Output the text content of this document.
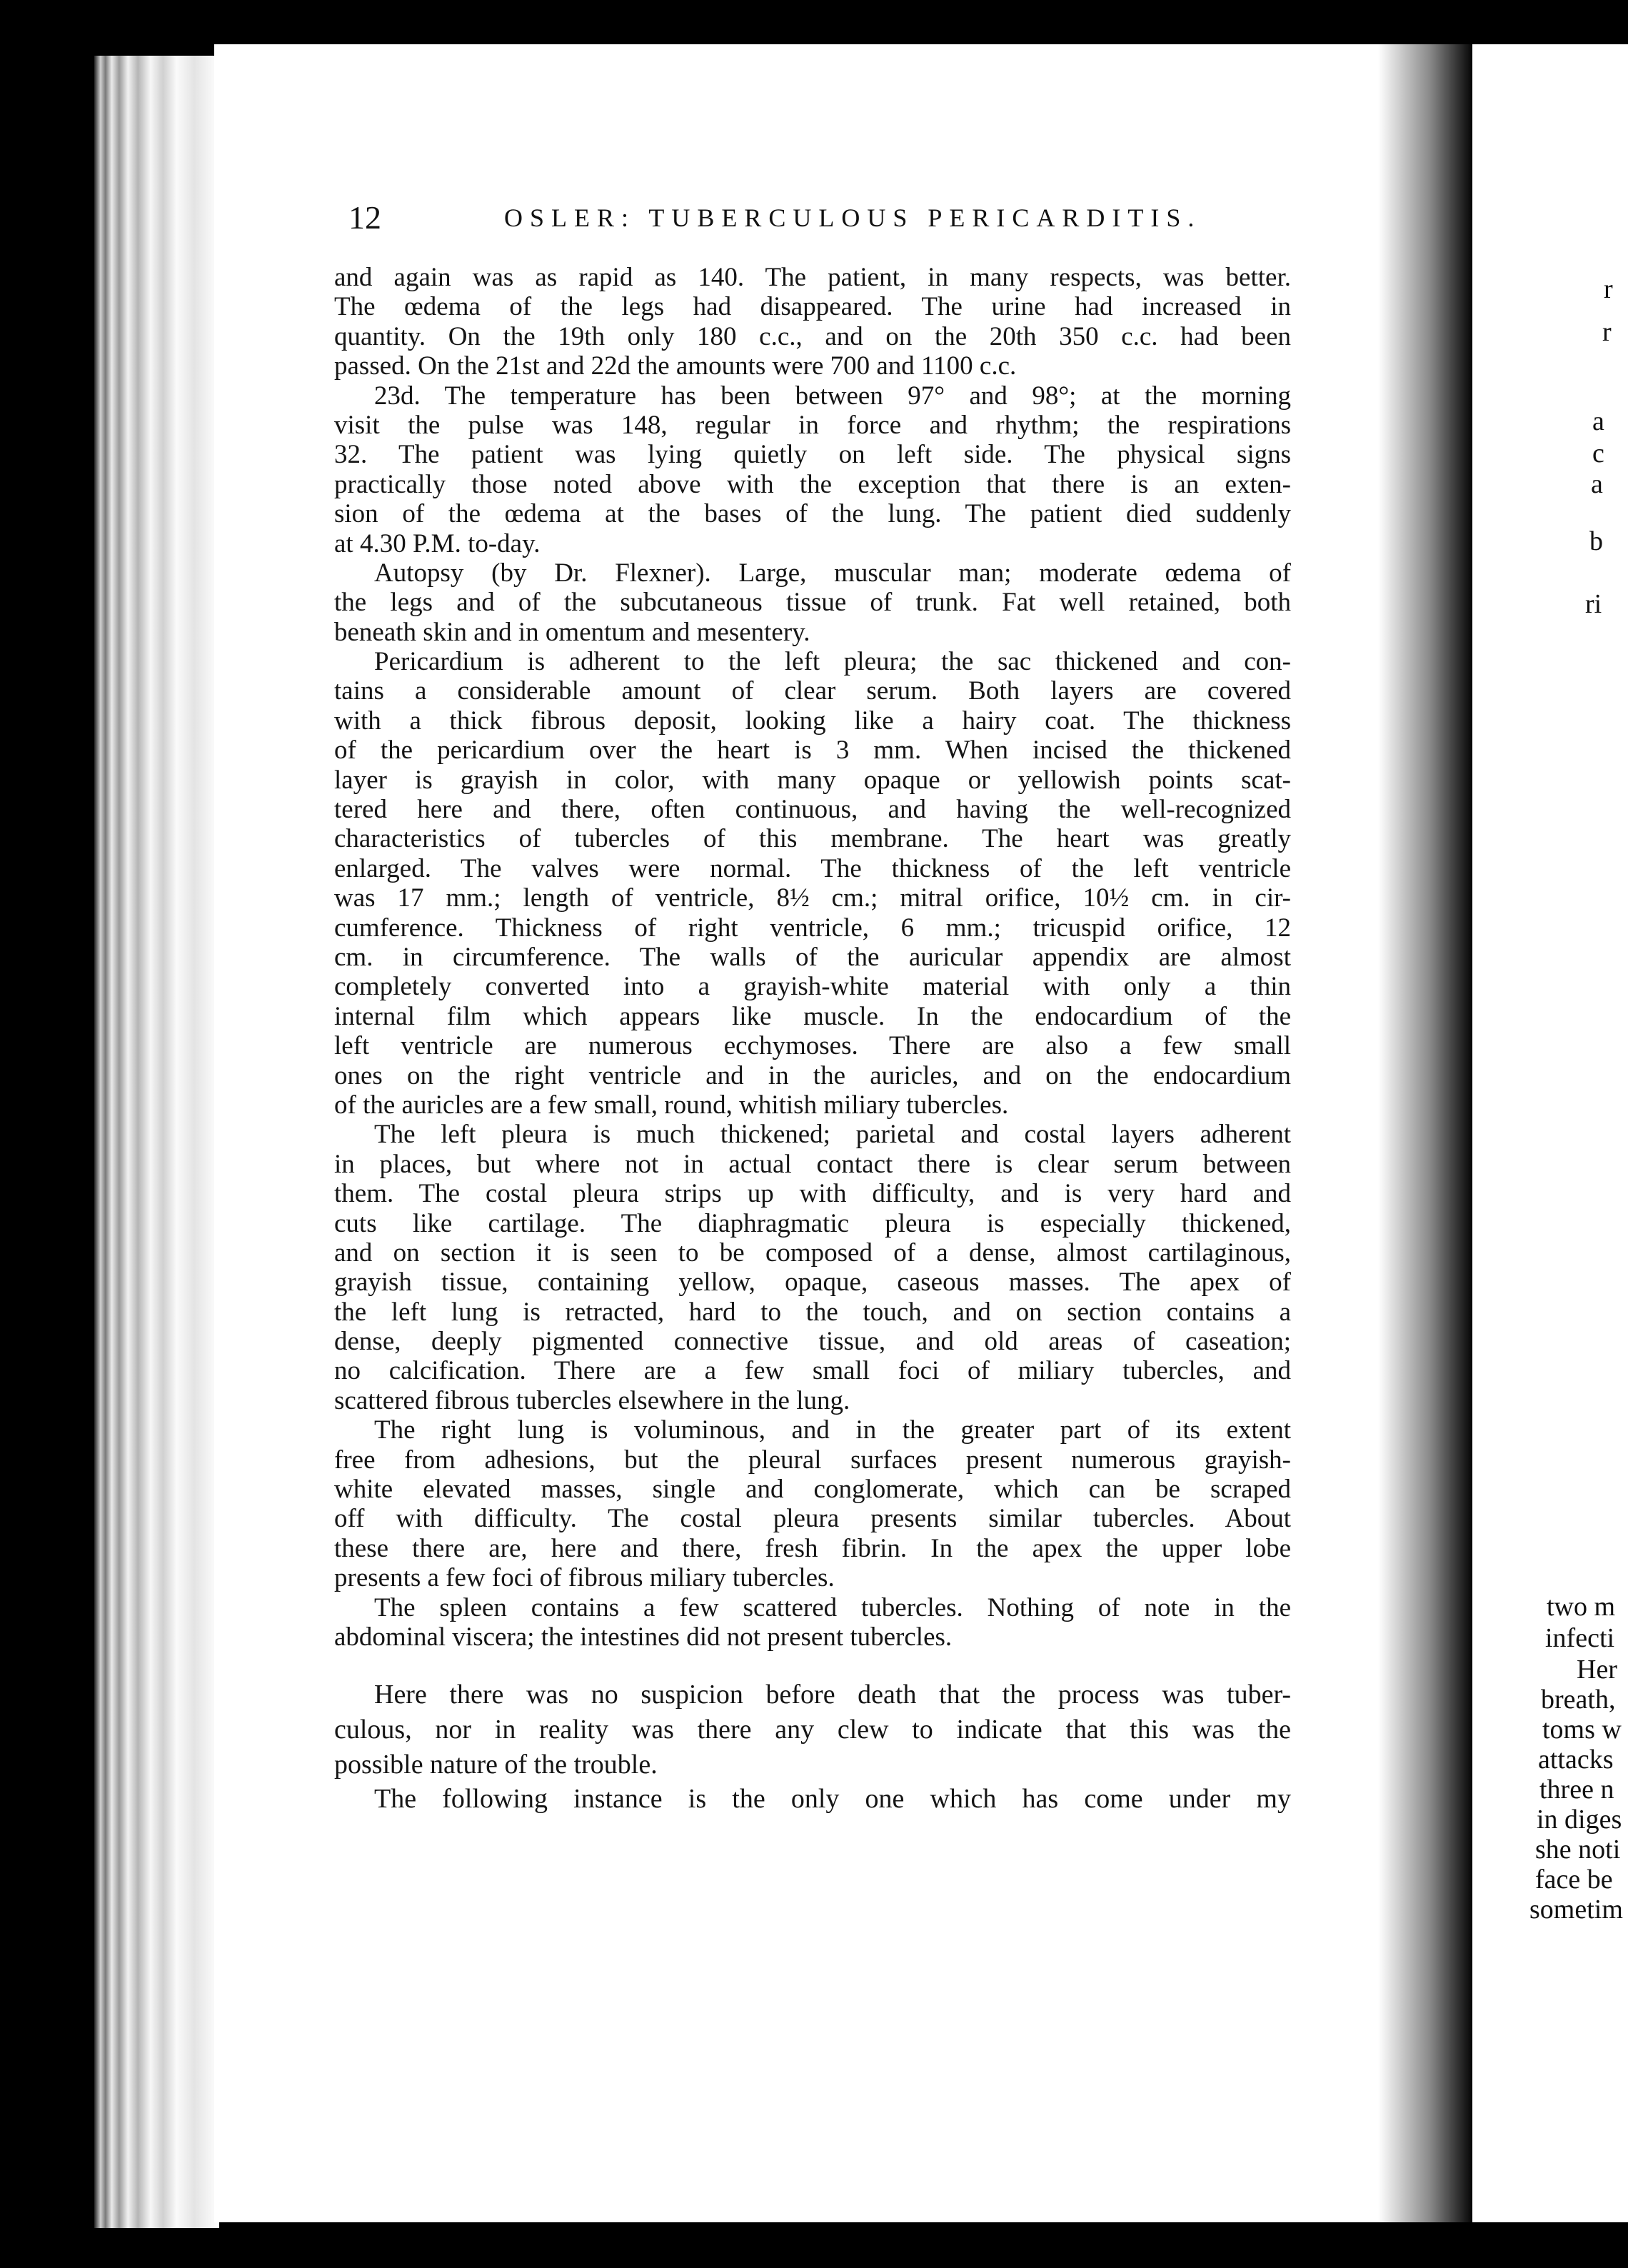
12	OSLER: TUBERCULOUS PERICARDITIS.

and again was as rapid as 140. The patient, in many respects, was better.
The œdema of the legs had disappeared. The urine had increased in
quantity. On the 19th only 180 c.c., and on the 20th 350 c.c. had been
passed. On the 21st and 22d the amounts were 700 and 1100 c.c.

23d. The temperature has been between 97° and 98°; at the morning
visit the pulse was 148, regular in force and rhythm; the respirations
32. The patient was lying quietly on left side. The physical signs
practically those noted above with the exception that there is an exten-
sion of the œdema at the bases of the lung. The patient died suddenly
at 4.30 P.M. to-day.

Autopsy (by Dr. Flexner). Large, muscular man; moderate œdema of
the legs and of the subcutaneous tissue of trunk. Fat well retained, both
beneath skin and in omentum and mesentery.

Pericardium is adherent to the left pleura; the sac thickened and con-
tains a considerable amount of clear serum. Both layers are covered
with a thick fibrous deposit, looking like a hairy coat. The thickness
of the pericardium over the heart is 3 mm. When incised the thickened
layer is grayish in color, with many opaque or yellowish points scat-
tered here and there, often continuous, and having the well-recognized
characteristics of tubercles of this membrane. The heart was greatly
enlarged. The valves were normal. The thickness of the left ventricle
was 17 mm.; length of ventricle, 8½ cm.; mitral orifice, 10½ cm. in cir-
cumference. Thickness of right ventricle, 6 mm.; tricuspid orifice, 12
cm. in circumference. The walls of the auricular appendix are almost
completely converted into a grayish-white material with only a thin
internal film which appears like muscle. In the endocardium of the
left ventricle are numerous ecchymoses. There are also a few small
ones on the right ventricle and in the auricles, and on the endocardium
of the auricles are a few small, round, whitish miliary tubercles.

The left pleura is much thickened; parietal and costal layers adherent
in places, but where not in actual contact there is clear serum between
them. The costal pleura strips up with difficulty, and is very hard and
cuts like cartilage. The diaphragmatic pleura is especially thickened,
and on section it is seen to be composed of a dense, almost cartilaginous,
grayish tissue, containing yellow, opaque, caseous masses. The apex of
the left lung is retracted, hard to the touch, and on section contains a
dense, deeply pigmented connective tissue, and old areas of caseation;
no calcification. There are a few small foci of miliary tubercles, and
scattered fibrous tubercles elsewhere in the lung.

The right lung is voluminous, and in the greater part of its extent
free from adhesions, but the pleural surfaces present numerous grayish-
white elevated masses, single and conglomerate, which can be scraped
off with difficulty. The costal pleura presents similar tubercles. About
these there are, here and there, fresh fibrin. In the apex the upper lobe
presents a few foci of fibrous miliary tubercles.

The spleen contains a few scattered tubercles. Nothing of note in the
abdominal viscera; the intestines did not present tubercles.

Here there was no suspicion before death that the process was tuber-
culous, nor in reality was there any clew to indicate that this was the
possible nature of the trouble.

The following instance is the only one which has come under my

r
r
a
c
a
b
ri
two m
infecti
Her
breath,
toms w
attacks
three n
in diges
she noti
face be
sometim
